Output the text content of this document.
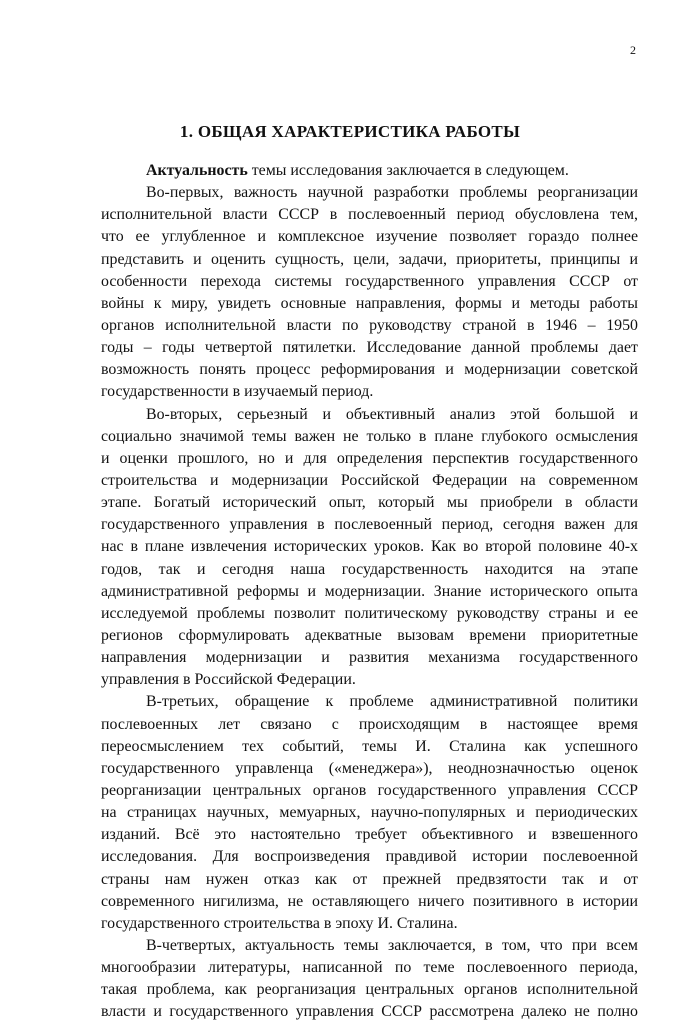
2
1. ОБЩАЯ ХАРАКТЕРИСТИКА РАБОТЫ
Актуальность темы исследования заключается в следующем.
Во-первых, важность научной разработки проблемы реорганизации
исполнительной власти СССР в послевоенный период обусловлена тем,
что ее углубленное и комплексное изучение позволяет гораздо полнее
представить и оценить сущность, цели, задачи, приоритеты, принципы и
особенности перехода системы государственного управления СССР от
войны к миру, увидеть основные направления, формы и методы работы
органов исполнительной власти по руководству страной в 1946 – 1950
годы – годы четвертой пятилетки. Исследование данной проблемы дает
возможность понять процесс реформирования и модернизации советской
государственности в изучаемый период.
Во-вторых, серьезный и объективный анализ этой большой и
социально значимой темы важен не только в плане глубокого осмысления
и оценки прошлого, но и для определения перспектив государственного
строительства и модернизации Российской Федерации на современном
этапе. Богатый исторический опыт, который мы приобрели в области
государственного управления в послевоенный период, сегодня важен для
нас в плане извлечения исторических уроков. Как во второй половине 40-х
годов, так и сегодня наша государственность находится на этапе
административной реформы и модернизации. Знание исторического опыта
исследуемой проблемы позволит политическому руководству страны и ее
регионов сформулировать адекватные вызовам времени приоритетные
направления модернизации и развития механизма государственного
управления в Российской Федерации.
В-третьих, обращение к проблеме административной политики
послевоенных лет связано с происходящим в настоящее время
переосмыслением тех событий, темы И. Сталина как успешного
государственного управленца («менеджера»), неоднозначностью оценок
реорганизации центральных органов государственного управления СССР
на страницах научных, мемуарных, научно-популярных и периодических
изданий. Всё это настоятельно требует объективного и взвешенного
исследования. Для воспроизведения правдивой истории послевоенной
страны нам нужен отказ как от прежней предвзятости так и от
современного нигилизма, не оставляющего ничего позитивного в истории
государственного строительства в эпоху И. Сталина.
В-четвертых, актуальность темы заключается, в том, что при всем
многообразии литературы, написанной по теме послевоенного периода,
такая проблема, как реорганизация центральных органов исполнительной
власти и государственного управления СССР рассмотрена далеко не полно
